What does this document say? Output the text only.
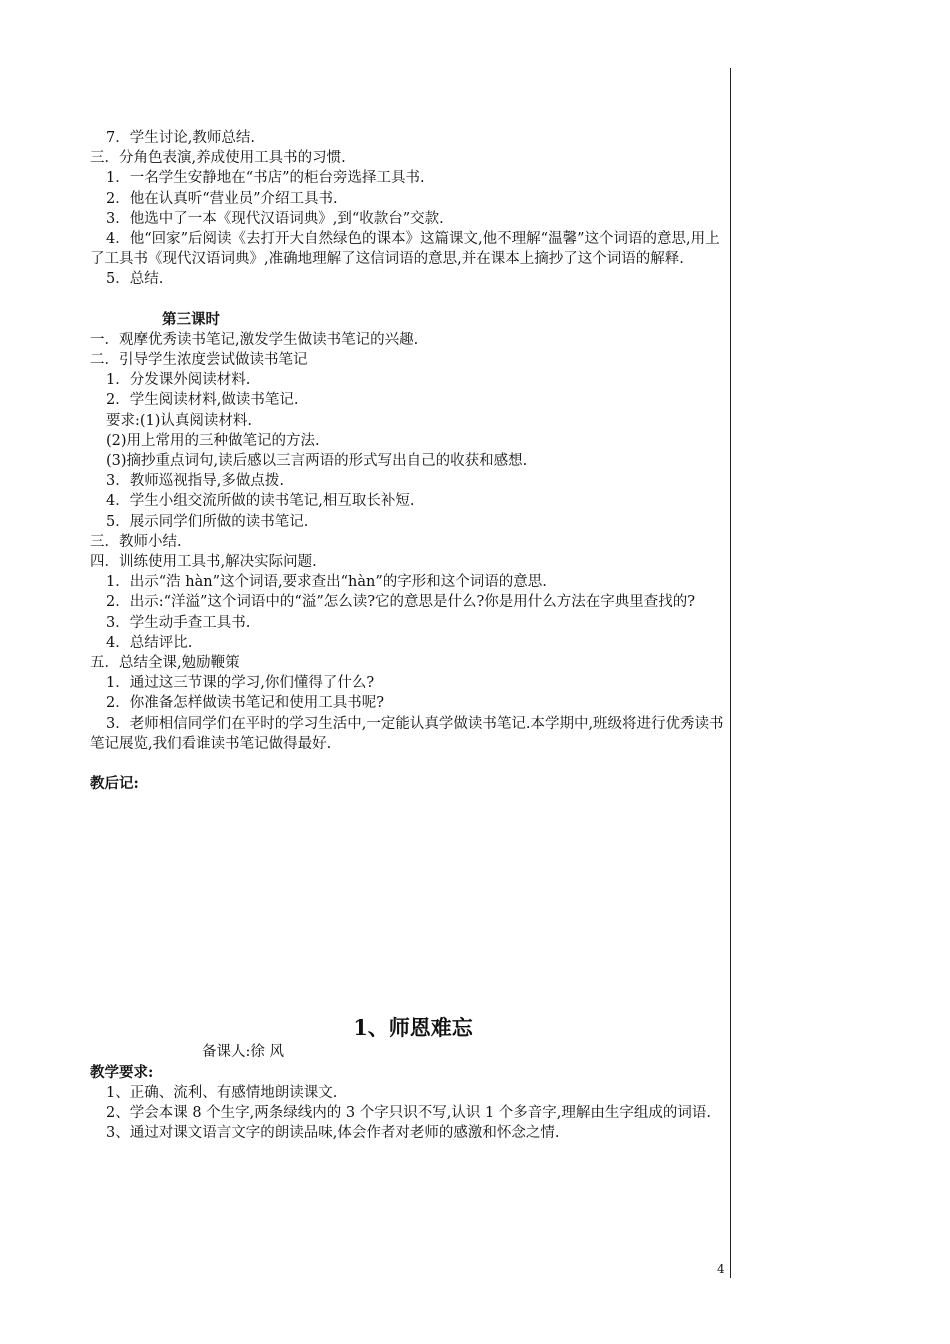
7．学生讨论,教师总结.

三．分角色表演,养成使用工具书的习惯.

1．一名学生安静地在“书店”的柜台旁选择工具书.

2．他在认真听“营业员”介绍工具书.

3．他选中了一本《现代汉语词典》,到“收款台”交款.

4．他“回家”后阅读《去打开大自然绿色的课本》这篇课文,他不理解“温馨”这个词语的意思,用上了工具书《现代汉语词典》,准确地理解了这信词语的意思,并在课本上摘抄了这个词语的解释.

5．总结.

第三课时

一．观摩优秀读书笔记,激发学生做读书笔记的兴趣.

二．引导学生浓度尝试做读书笔记

1．分发课外阅读材料.

2．学生阅读材料,做读书笔记.

要求:(1)认真阅读材料.

(2)用上常用的三种做笔记的方法.

(3)摘抄重点词句,读后感以三言两语的形式写出自己的收获和感想.

3．教师巡视指导,多做点拨.

4．学生小组交流所做的读书笔记,相互取长补短.

5．展示同学们所做的读书笔记.

三．教师小结.

四．训练使用工具书,解决实际问题.

1．出示“浩 hàn”这个词语,要求查出“hàn”的字形和这个词语的意思.

2．出示:“洋溢”这个词语中的“溢”怎么读?它的意思是什么?你是用什么方法在字典里查找的?

3．学生动手查工具书.

4．总结评比.

五．总结全课,勉励鞭策

1．通过这三节课的学习,你们懂得了什么?

2．你准备怎样做读书笔记和使用工具书呢?

3．老师相信同学们在平时的学习生活中,一定能认真学做读书笔记.本学期中,班级将进行优秀读书笔记展览,我们看谁读书笔记做得最好.

教后记:

1、师恩难忘

备课人:徐 风

教学要求:

1、正确、流利、有感情地朗读课文.

2、学会本课 8 个生字,两条绿线内的 3 个字只识不写,认识 1 个多音字,理解由生字组成的词语.

3、通过对课文语言文字的朗读品味,体会作者对老师的感激和怀念之情.

4
